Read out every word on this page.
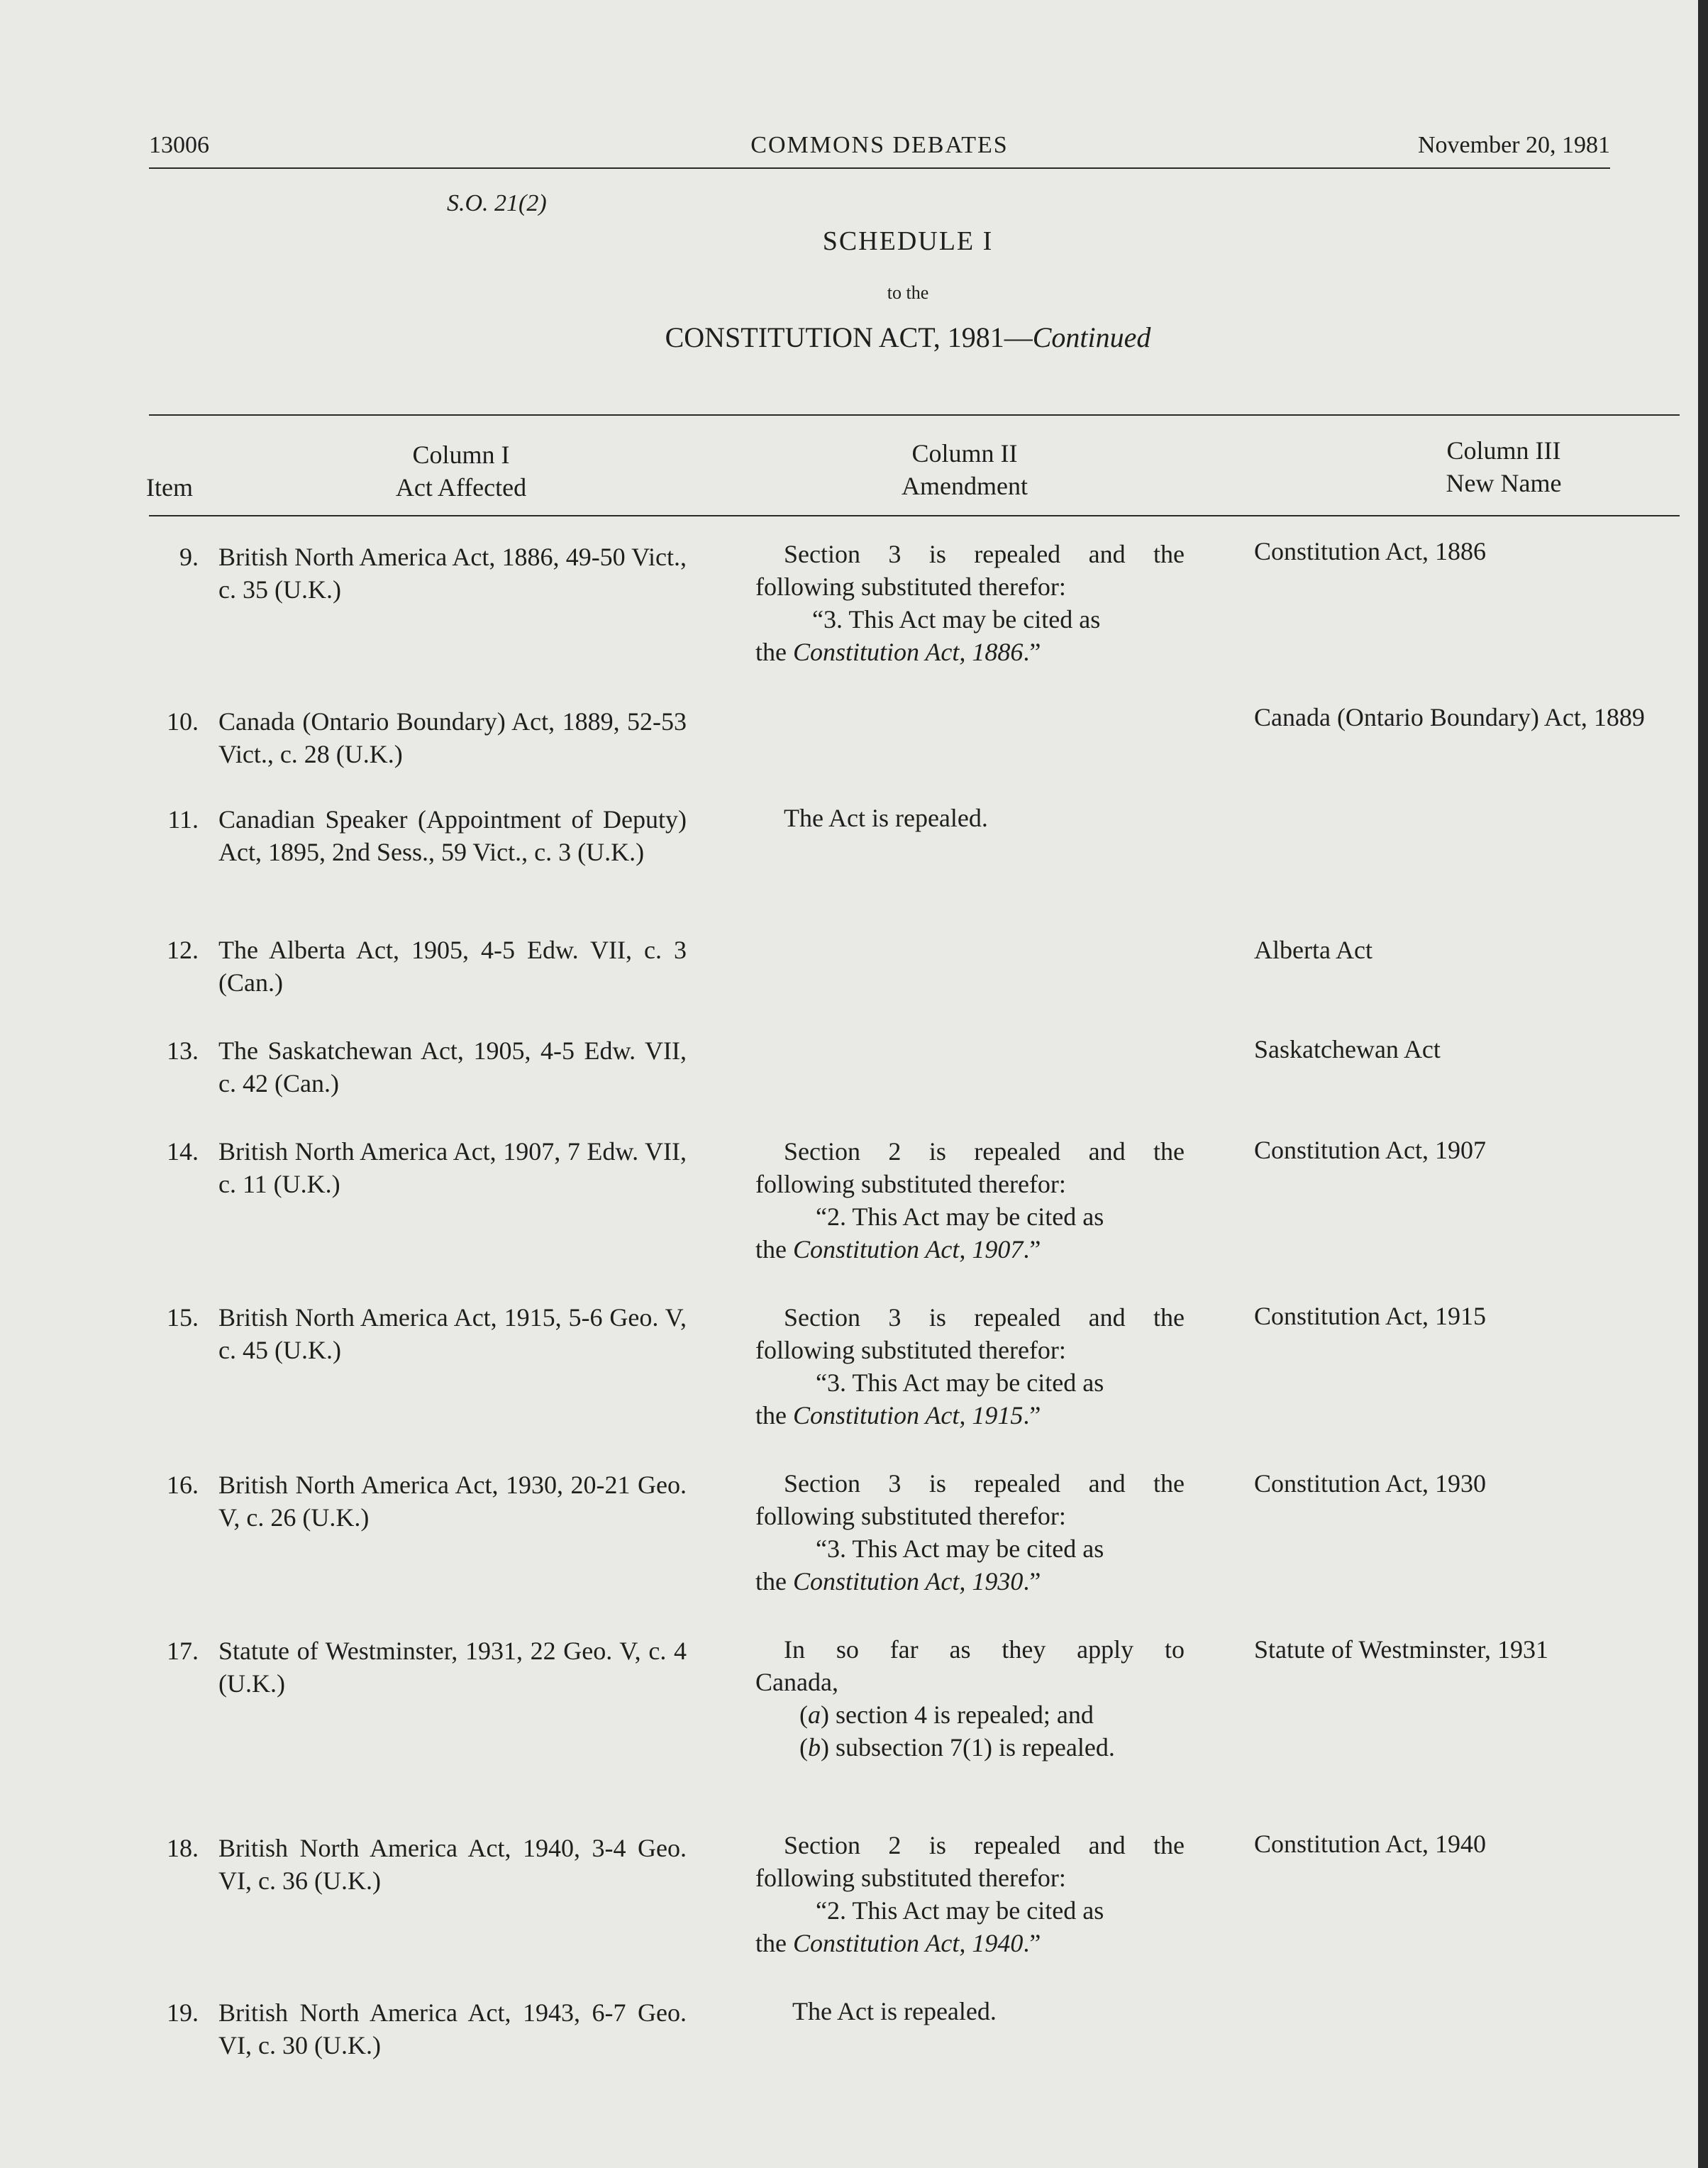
13006	COMMONS DEBATES	November 20, 1981
S.O. 21(2)
SCHEDULE I
to the
CONSTITUTION ACT, 1981—Continued
Item
Column I
Act Affected
Column II
Amendment
Column III
New Name
9. British North America Act, 1886, 49-50 Vict., c. 35 (U.K.)
Section 3 is repealed and the
following substituted therefor:
“3. This Act may be cited as
the Constitution Act, 1886.”
Constitution Act, 1886
10. Canada (Ontario Boundary) Act, 1889, 52-53 Vict., c. 28 (U.K.)
Canada (Ontario Boundary) Act, 1889
11. Canadian Speaker (Appointment of Deputy) Act, 1895, 2nd Sess., 59 Vict., c. 3 (U.K.)
The Act is repealed.
12. The Alberta Act, 1905, 4-5 Edw. VII, c. 3 (Can.)
Alberta Act
13. The Saskatchewan Act, 1905, 4-5 Edw. VII, c. 42 (Can.)
Saskatchewan Act
14. British North America Act, 1907, 7 Edw. VII, c. 11 (U.K.)
Section 2 is repealed and the
following substituted therefor:
“2. This Act may be cited as
the Constitution Act, 1907.”
Constitution Act, 1907
15. British North America Act, 1915, 5-6 Geo. V, c. 45 (U.K.)
Section 3 is repealed and the
following substituted therefor:
“3. This Act may be cited as
the Constitution Act, 1915.”
Constitution Act, 1915
16. British North America Act, 1930, 20-21 Geo. V, c. 26 (U.K.)
Section 3 is repealed and the
following substituted therefor:
“3. This Act may be cited as
the Constitution Act, 1930.”
Constitution Act, 1930
17. Statute of Westminster, 1931, 22 Geo. V, c. 4 (U.K.)
In so far as they apply to
Canada,
(a) section 4 is repealed; and
(b) subsection 7(1) is repealed.
Statute of Westminster, 1931
18. British North America Act, 1940, 3-4 Geo. VI, c. 36 (U.K.)
Section 2 is repealed and the
following substituted therefor:
“2. This Act may be cited as
the Constitution Act, 1940.”
Constitution Act, 1940
19. British North America Act, 1943, 6-7 Geo. VI, c. 30 (U.K.)
The Act is repealed.
